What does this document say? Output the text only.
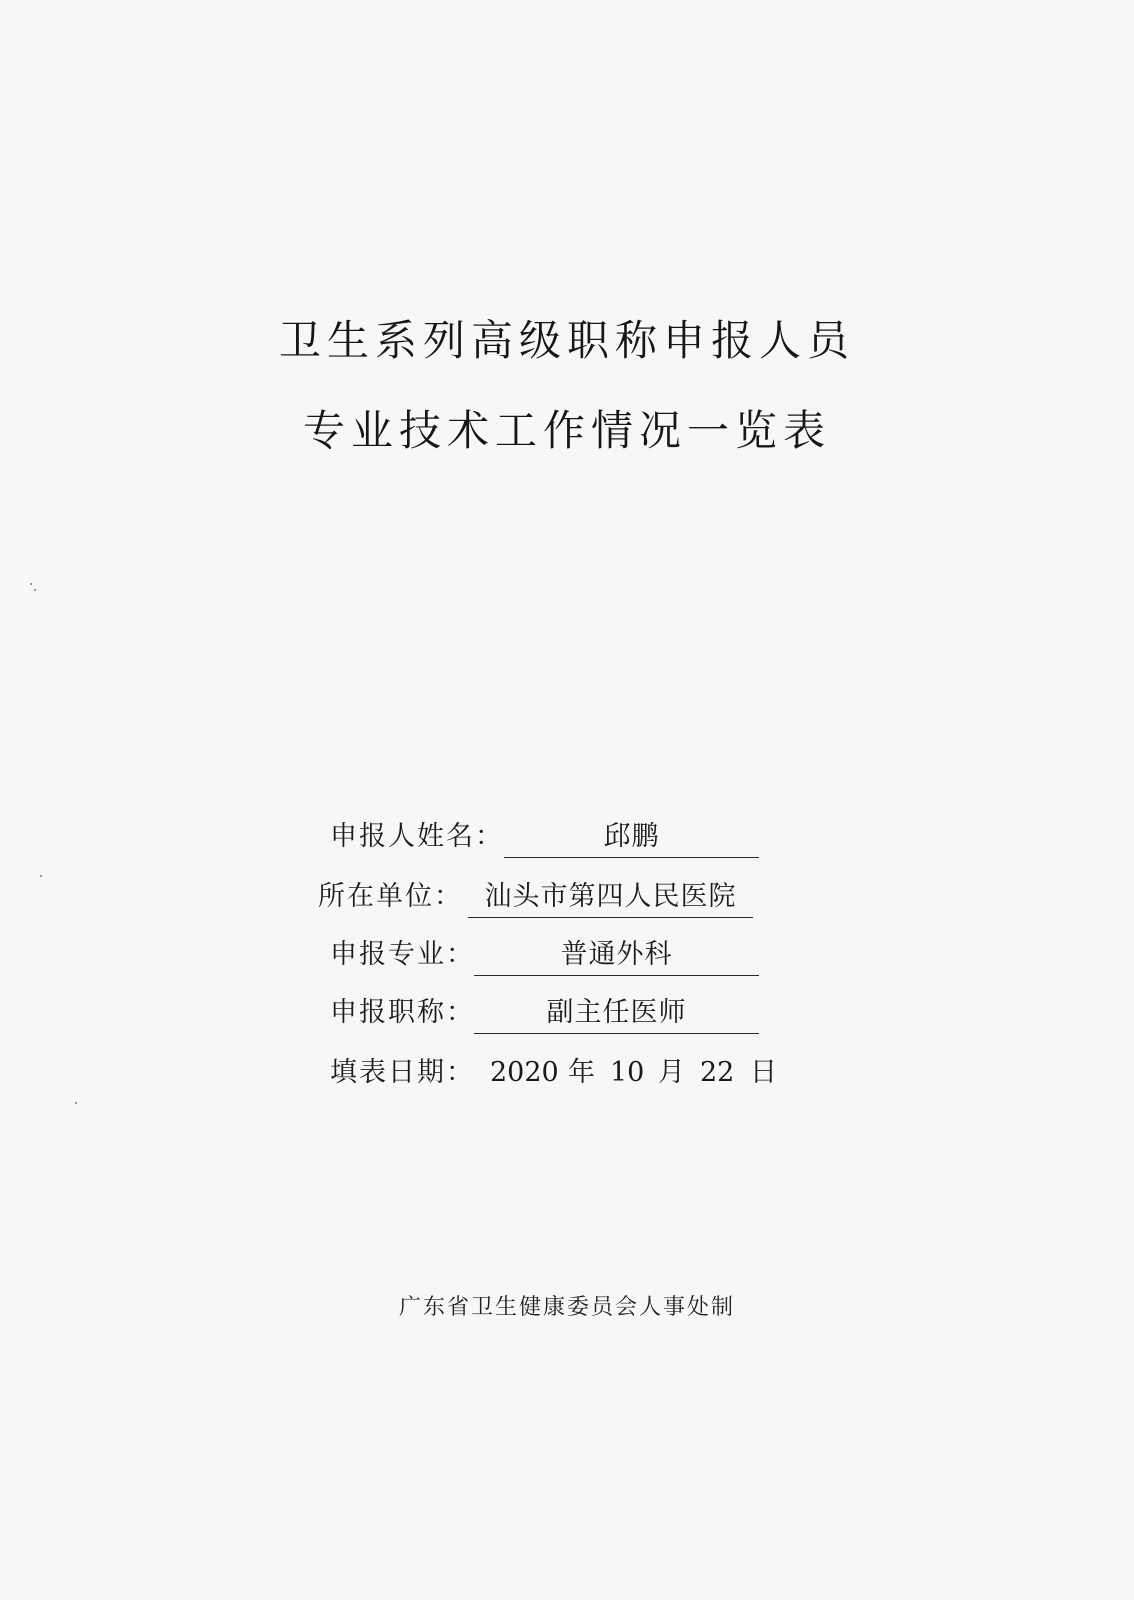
卫生系列高级职称申报人员
专业技术工作情况一览表
申报人姓名：	邱鹏
所在单位： 汕头市第四人民医院
申报专业：	普通外科
申报职称：	副主任医师
填表日期： 2020 年 10 月 22 日
广东省卫生健康委员会人事处制
